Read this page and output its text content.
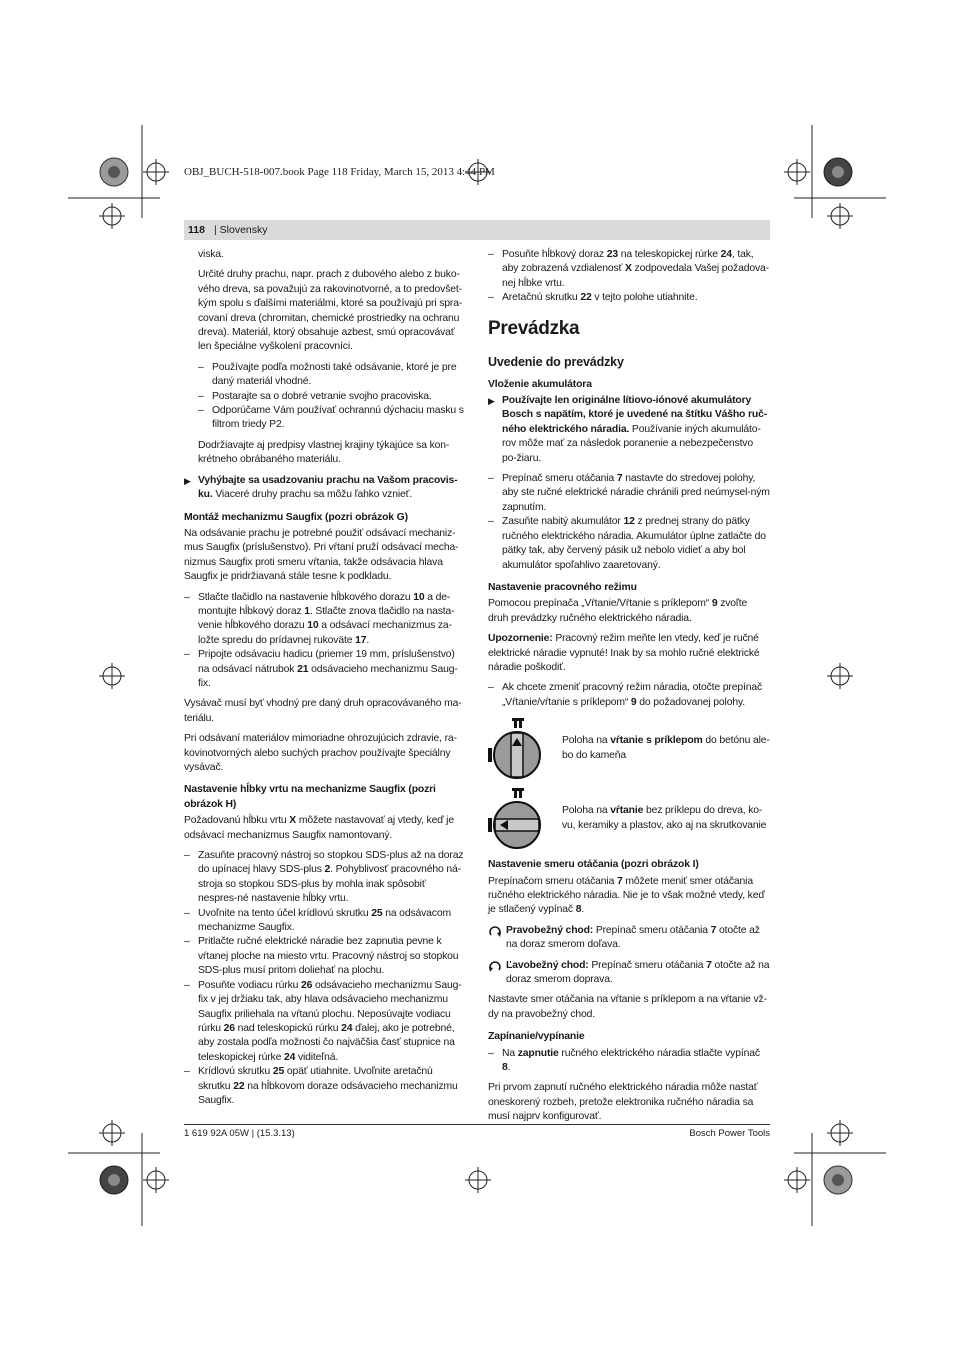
OBJ_BUCH-518-007.book Page 118 Friday, March 15, 2013 4:44 PM
118 | Slovensky

viska.

Určité druhy prachu, napr. prach z dubového alebo z buko-vého dreva, sa považujú za rakovinotvorné, a to predovšet-kým spolu s ďalšími materiálmi, ktoré sa používajú pri spra-covaní dreva (chromitan, chemické prostriedky na ochranu dreva). Materiál, ktorý obsahuje azbest, smú opracovávať len špeciálne vyškolení pracovníci.

– Používajte podľa možnosti také odsávanie, ktoré je pre daný materiál vhodné.
– Postarajte sa o dobré vetranie svojho pracoviska.
– Odporúčame Vám používať ochrannú dýchaciu masku s filtrom triedy P2.

Dodržiavajte aj predpisy vlastnej krajiny týkajúce sa kon-krétneho obrábaného materiálu.

▶ Vyhýbajte sa usadzovaniu prachu na Vašom pracovis-ku. Viaceré druhy prachu sa môžu ľahko vznieť.
Montáž mechanizmu Saugfix (pozri obrázok G)

Na odsávanie prachu je potrebné použiť odsávací mechaniz-mus Saugfix (príslušenstvo). Pri vŕtaní pruží odsávací mecha-nizmus Saugfix proti smeru vŕtania, takže odsávacia hlava Saugfix je pridržiavaná stále tesne k podkladu.

– Stlačte tlačidlo na nastavenie hĺbkového dorazu 10 a de-montujte hĺbkový doraz 1. Stlačte znova tlačidlo na nasta-venie hĺbkového dorazu 10 a odsávací mechanizmus za-ložte spredu do prídavnej rukoväte 17.
– Pripojte odsávaciu hadicu (priemer 19 mm, príslušenstvo) na odsávací nátrubok 21 odsávacieho mechanizmu Saug-fix.

Vysávač musí byť vhodný pre daný druh opracovávaného ma-teriálu.

Pri odsávaní materiálov mimoriadne ohrozujúcich zdravie, ra-kovinotvorných alebo suchých prachov používajte špeciálny vysávač.

Nastavenie hĺbky vrtu na mechanizme Saugfix (pozri obrázok H)

Požadovanú hĺbku vrtu X môžete nastavovať aj vtedy, keď je odsávací mechanizmus Saugfix namontovaný.

– Zasuňte pracovný nástroj so stopkou SDS-plus až na doraz do upínacej hlavy SDS-plus 2. Pohyblivosť pracovného ná-stroja so stopkou SDS-plus by mohla inak spôsobiť nespres-né nastavenie hĺbky vrtu.
– Uvoľnite na tento účel krídlovú skrutku 25 na odsávacom mechanizme Saugfix.
– Pritlačte ručné elektrické náradie bez zapnutia pevne k vŕtanej ploche na miesto vrtu. Pracovný nástroj so stopkou SDS-plus musí pritom doliehať na plochu.
– Posuňte vodiacu rúrku 26 odsávacieho mechanizmu Saug-fix v jej držiaku tak, aby hlava odsávacieho mechanizmu Saugfix priliehala na vŕtanú plochu. Neposúvajte vodiacu rúrku 26 nad teleskopickú rúrku 24 ďalej, ako je potrebné, aby zostala podľa možnosti čo najväčšia časť stupnice na teleskopickej rúrke 24 viditeľná.
– Krídlovú skrutku 25 opäť utiahnite. Uvoľnite aretačnú skrutku 22 na hĺbkovom doraze odsávacieho mechanizmu Saugfix.
– Posuňte hĺbkový doraz 23 na teleskopickej rúrke 24, tak, aby zobrazená vzdialenosť X zodpovedala Vašej požadova-nej hĺbke vrtu.
– Aretačnú skrutku 22 v tejto polohe utiahnite.
Prevádzka
Uvedenie do prevádzky
Vloženie akumulátora
▶ Používajte len originálne lítiovo-iónové akumulátory Bosch s napätím, ktoré je uvedené na štítku Vášho ruč-ného elektrického náradia. Používanie iných akumuláto-rov môže mať za následok poranenie a nebezpečenstvo po-žiaru.
– Prepínač smeru otáčania 7 nastavte do stredovej polohy, aby ste ručné elektrické náradie chránili pred neúmysel-ným zapnutím.
– Zasuňte nabitý akumulátor 12 z prednej strany do pätky ručného elektrického náradia. Akumulátor úplne zatlačte do pätky tak, aby červený pásik už nebolo vidieť a aby bol akumulátor spoľahlivo zaaretovaný.
Nastavenie pracovného režimu

Pomocou prepínača „Vŕtanie/Vŕtanie s príklepom“ 9 zvoľte druh prevádzky ručného elektrického náradia.

Upozornenie: Pracovný režim meňte len vtedy, keď je ručné elektrické náradie vypnuté! Inak by sa mohlo ručné elektrické náradie poškodiť.

– Ak chcete zmeniť pracovný režim náradia, otočte prepínač „Vŕtanie/vŕtanie s príklepom“ 9 do požadovanej polohy.
Poloha na vŕtanie s príklepom do betónu ale-bo do kameňa
Poloha na vŕtanie bez príklepu do dreva, ko-vu, keramiky a plastov, ako aj na skrutkovanie
Nastavenie smeru otáčania (pozri obrázok I)

Prepínačom smeru otáčania 7 môžete meniť smer otáčania ručného elektrického náradia. Nie je to však možné vtedy, keď je stlačený vypínač 8.

Pravobežný chod: Prepínač smeru otáčania 7 otočte až na doraz smerom doľava.
Ľavobežný chod: Prepínač smeru otáčania 7 otočte až na doraz smerom doprava.

Nastavte smer otáčania na vŕtanie s príklepom a na vŕtanie vž-dy na pravobežný chod.

Zapínanie/vypínanie
– Na zapnutie ručného elektrického náradia stlačte vypínač 8.

Pri prvom zapnutí ručného elektrického náradia môže nastať oneskorený rozbeh, pretože elektronika ručného náradia sa musí najprv konfigurovať.

1 619 92A 05W | (15.3.13)	Bosch Power Tools
